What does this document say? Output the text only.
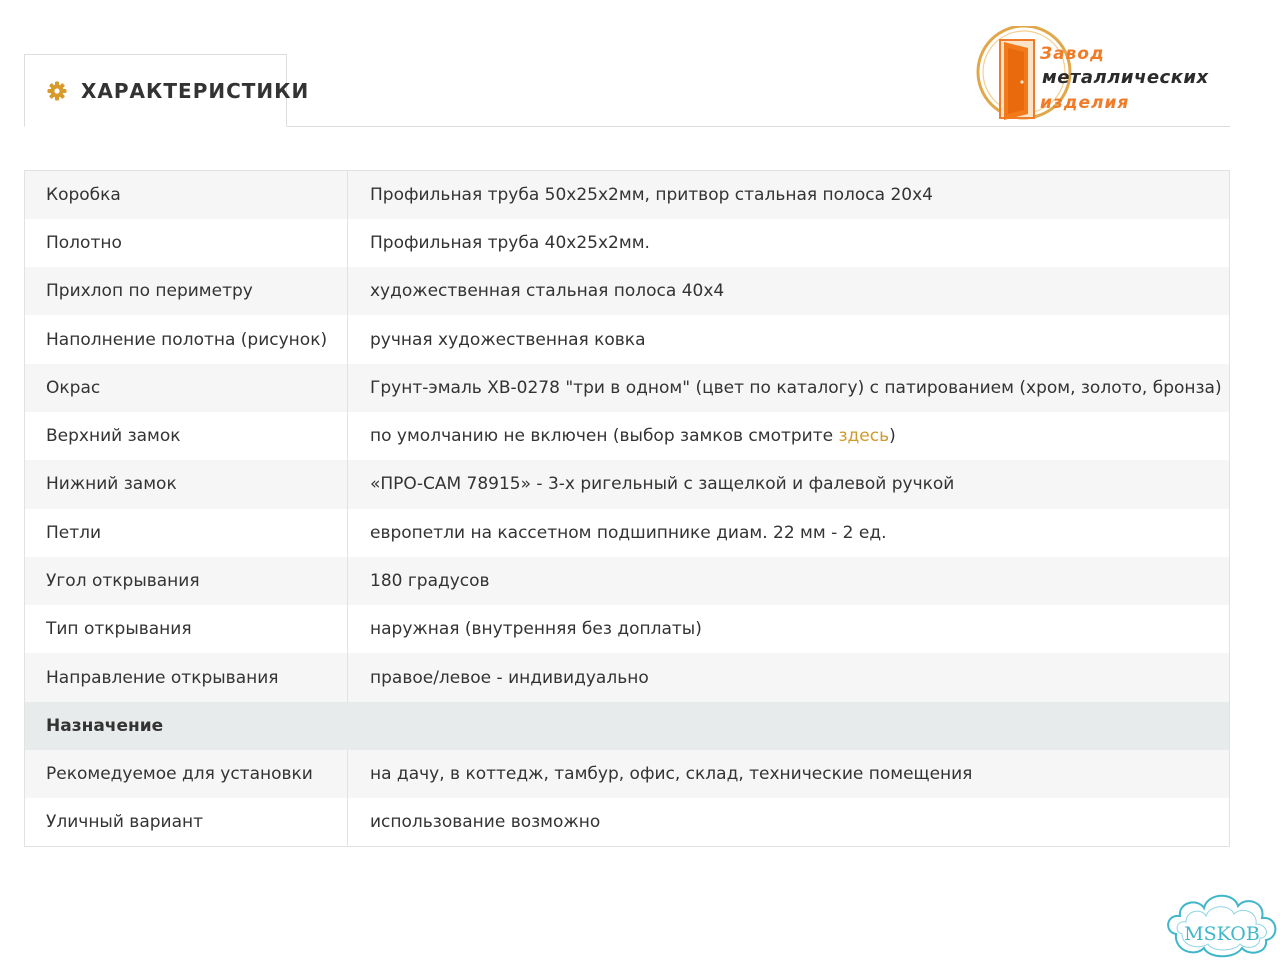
ХАРАКТЕРИСТИКИ
Завод
металлических
изделия
Коробка	Профильная труба 50х25х2мм, притвор стальная полоса 20х4
Полотно	Профильная труба 40х25х2мм.
Прихлоп по периметру	художественная стальная полоса 40х4
Наполнение полотна (рисунок)	ручная художественная ковка
Окрас	Грунт-эмаль ХВ-0278 "три в одном" (цвет по каталогу) с патированием (хром, золото, бронза)
Верхний замок	по умолчанию не включен (выбор замков смотрите здесь)
Нижний замок	«ПРО-САМ 78915» - 3-х ригельный с защелкой и фалевой ручкой
Петли	европетли на кассетном подшипнике диам. 22 мм - 2 ед.
Угол открывания	180 градусов
Тип открывания	наружная (внутренняя без доплаты)
Направление открывания	правое/левое - индивидуально
Назначение	
Рекомедуемое для установки	на дачу, в коттедж, тамбур, офис, склад, технические помещения
Уличный вариант	использование возможно
MSKOB
